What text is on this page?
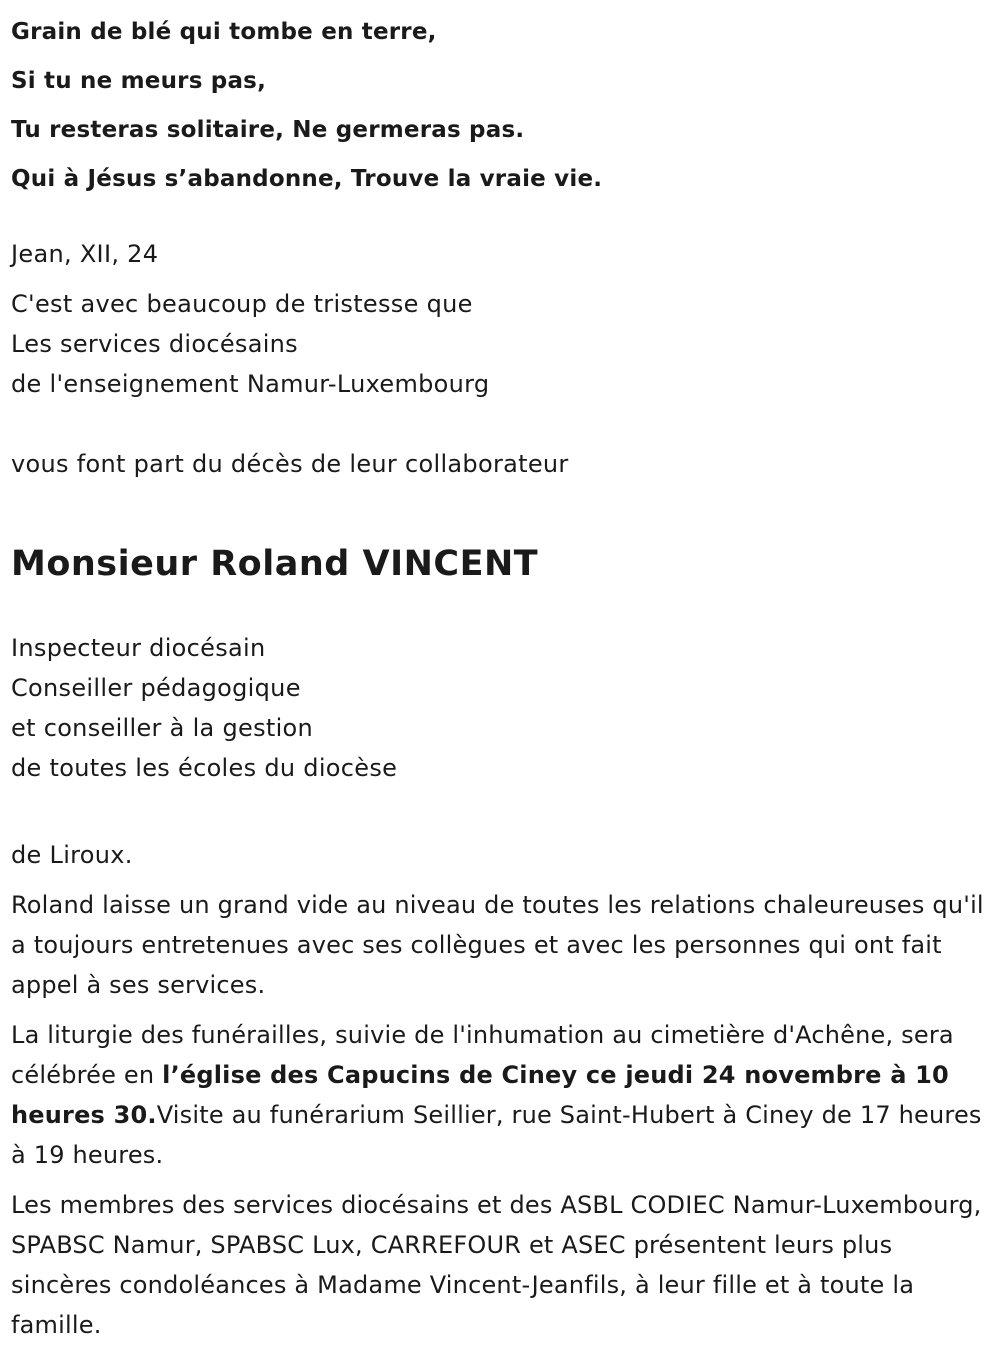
Grain de blé qui tombe en terre,
Si tu ne meurs pas,
Tu resteras solitaire, Ne germeras pas.
Qui à Jésus s’abandonne, Trouve la vraie vie.
Jean, XII, 24
C'est avec beaucoup de tristesse que
Les services diocésains
de l'enseignement Namur-Luxembourg
vous font part du décès de leur collaborateur
Monsieur Roland VINCENT
Inspecteur diocésain
Conseiller pédagogique
et conseiller à la gestion
de toutes les écoles du diocèse
de Liroux.
Roland laisse un grand vide au niveau de toutes les relations chaleureuses qu'il a toujours entretenues avec ses collègues et avec les personnes qui ont fait appel à ses services.
La liturgie des funérailles, suivie de l'inhumation au cimetière d'Achêne, sera célébrée en l’église des Capucins de Ciney ce jeudi 24 novembre à 10 heures 30.Visite au funérarium Seillier, rue Saint-Hubert à Ciney de 17 heures à 19 heures.
Les membres des services diocésains et des ASBL CODIEC Namur-Luxembourg, SPABSC Namur, SPABSC Lux, CARREFOUR et ASEC présentent leurs plus sincères condoléances à Madame Vincent-Jeanfils, à leur fille et à toute la famille.
